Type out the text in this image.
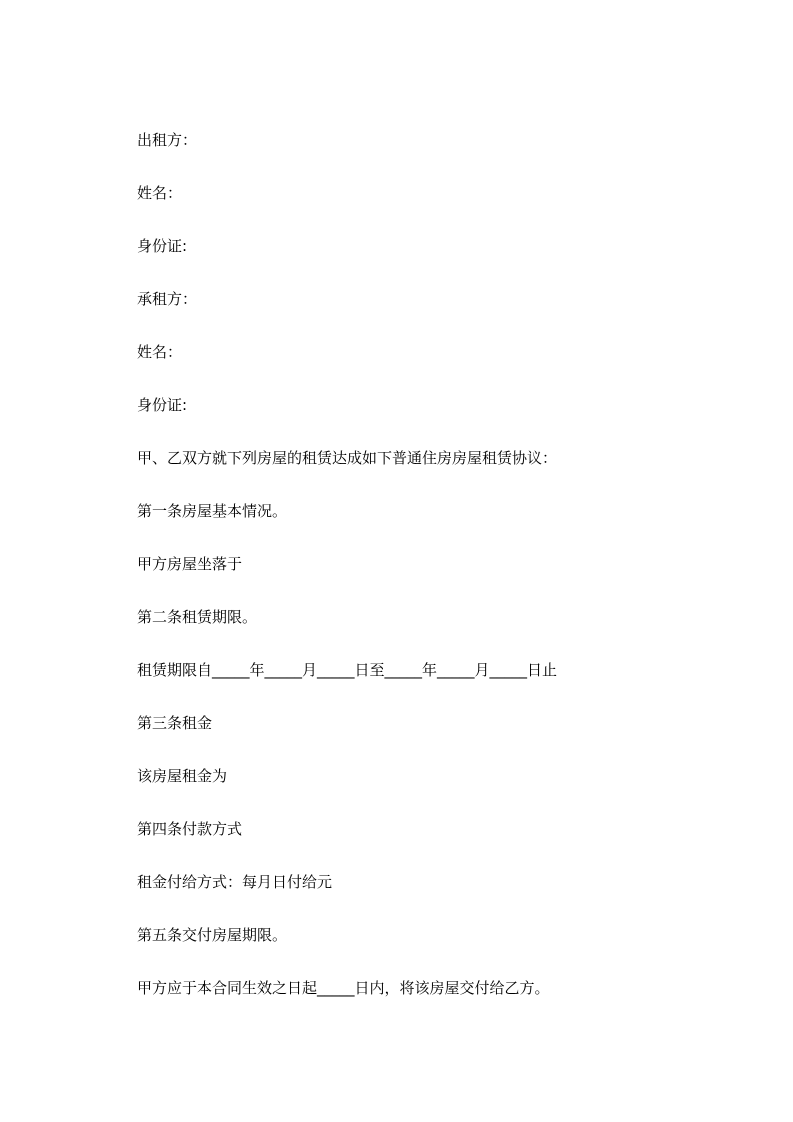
出租方：

姓名：

身份证:

承租方：

姓名：

身份证:

甲、乙双方就下列房屋的租赁达成如下普通住房房屋租赁协议：

第一条房屋基本情况。

甲方房屋坐落于

第二条租赁期限。

租赁期限自_____年_____月_____日至_____年_____月_____日止

第三条租金

该房屋租金为

第四条付款方式

租金付给方式：每月日付给元

第五条交付房屋期限。

甲方应于本合同生效之日起_____日内，将该房屋交付给乙方。
